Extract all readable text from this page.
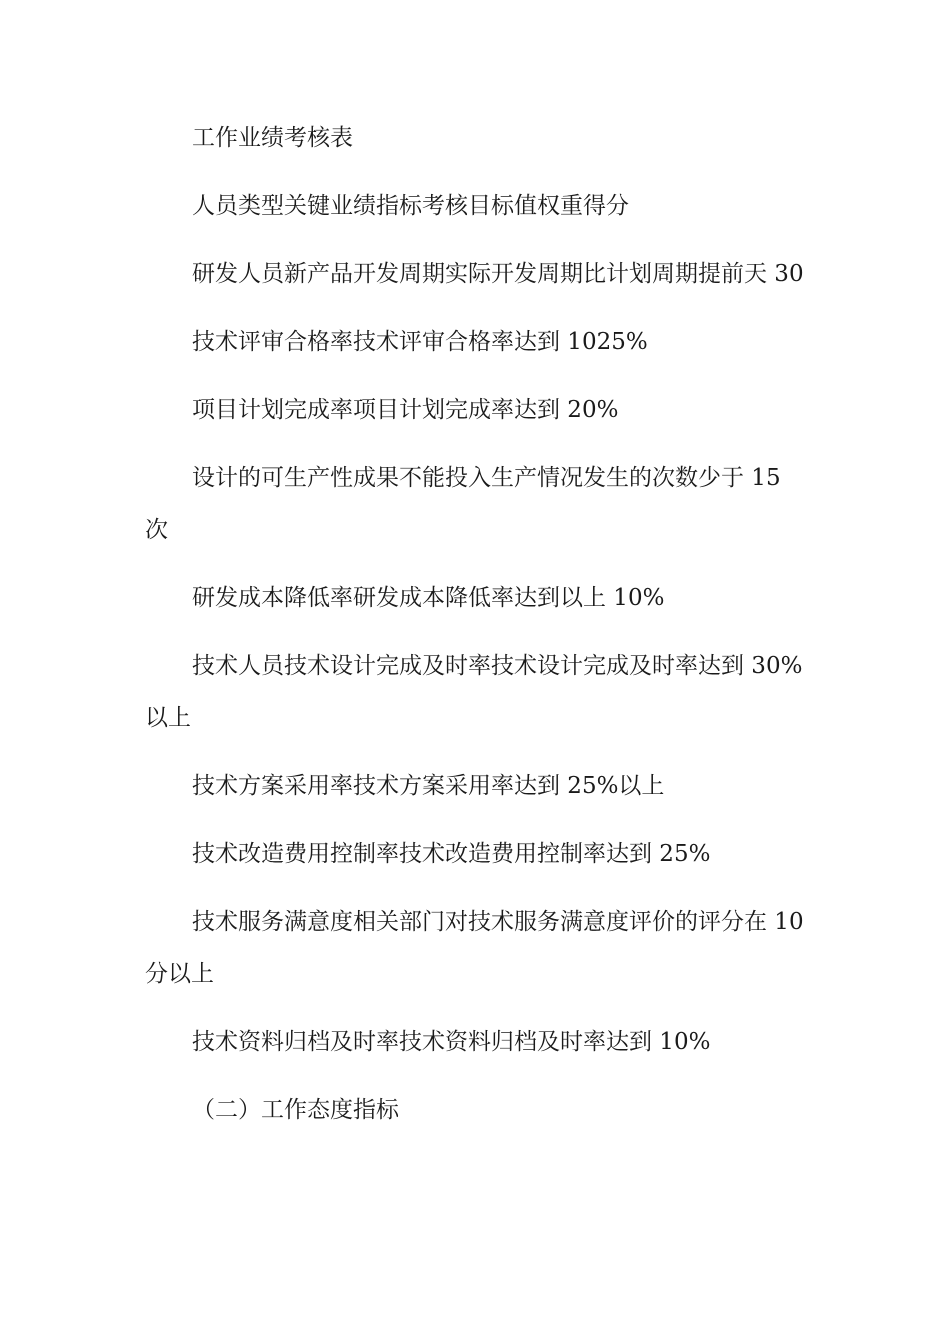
工作业绩考核表

人员类型关键业绩指标考核目标值权重得分

研发人员新产品开发周期实际开发周期比计划周期提前天 30

技术评审合格率技术评审合格率达到 1025%

项目计划完成率项目计划完成率达到 20%

设计的可生产性成果不能投入生产情况发生的次数少于 15 次

研发成本降低率研发成本降低率达到以上 10%

技术人员技术设计完成及时率技术设计完成及时率达到 30% 以上

技术方案采用率技术方案采用率达到 25%以上

技术改造费用控制率技术改造费用控制率达到 25%

技术服务满意度相关部门对技术服务满意度评价的评分在 10 分以上

技术资料归档及时率技术资料归档及时率达到 10%

（二）工作态度指标
